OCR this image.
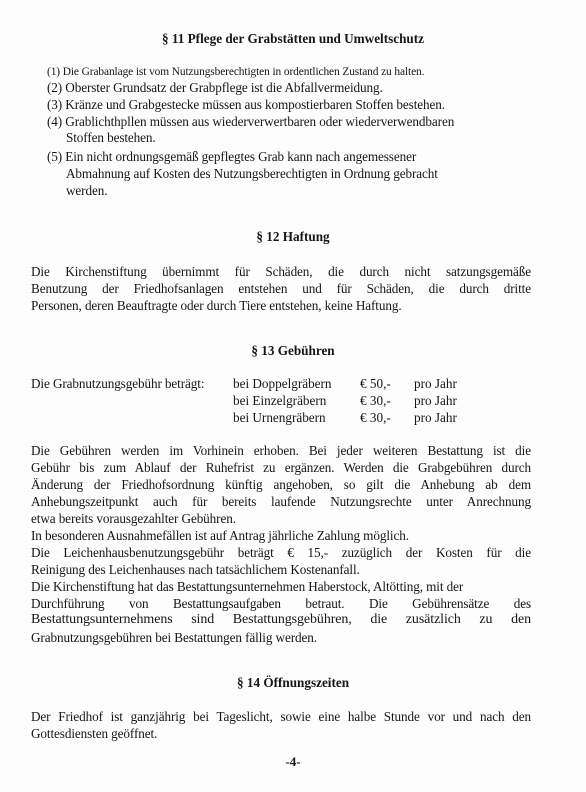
§ 11 Pflege der Grabstätten und Umweltschutz
(1) Die Grabanlage ist vom Nutzungsberechtigten in ordentlichen Zustand zu halten.
(2) Oberster Grundsatz der Grabpflege ist die Abfallvermeidung.
(3) Kränze und Grabgestecke müssen aus kompostierbaren Stoffen bestehen.
(4) Grablichthpllen müssen aus wiederverwertbaren oder wiederverwendbaren
Stoffen bestehen.
(5) Ein nicht ordnungsgemäß gepflegtes Grab kann nach angemessener
Abmahnung auf Kosten des Nutzungsberechtigten in Ordnung gebracht
werden.
§ 12 Haftung
Die Kirchenstiftung übernimmt für Schäden, die durch nicht satzungsgemäße
Benutzung der Friedhofsanlagen entstehen und für Schäden, die durch dritte
Personen, deren Beauftragte oder durch Tiere entstehen, keine Haftung.
§ 13 Gebühren
Die Grabnutzungsgebühr beträgt: bei Doppelgräbern € 50,- pro Jahr
bei Einzelgräbern	€ 30,- pro Jahr
bei Urnengräbern	€ 30,- pro Jahr
Die Gebühren werden im Vorhinein erhoben. Bei jeder weiteren Bestattung ist die
Gebühr bis zum Ablauf der Ruhefrist zu ergänzen. Werden die Grabgebühren durch
Änderung der Friedhofsordnung künftig angehoben, so gilt die Anhebung ab dem
Anhebungszeitpunkt auch für bereits laufende Nutzungsrechte unter Anrechnung
etwa bereits vorausgezahlter Gebühren.
In besonderen Ausnahmefällen ist auf Antrag jährliche Zahlung möglich.
Die Leichenhausbenutzungsgebühr beträgt € 15,- zuzüglich der Kosten für die
Reinigung des Leichenhauses nach tatsächlichem Kostenanfall.
Die Kirchenstiftung hat das Bestattungsunternehmen Haberstock, Altötting, mit der
Durchführung von Bestattungsaufgaben betraut. Die Gebührensätze des
Bestattungsunternehmens sind Bestattungsgebühren, die zusätzlich zu den
Grabnutzungsgebühren bei Bestattungen fällig werden.
§ 14 Öffnungszeiten
Der Friedhof ist ganzjährig bei Tageslicht, sowie eine halbe Stunde vor und nach den
Gottesdiensten geöffnet.
-4-
